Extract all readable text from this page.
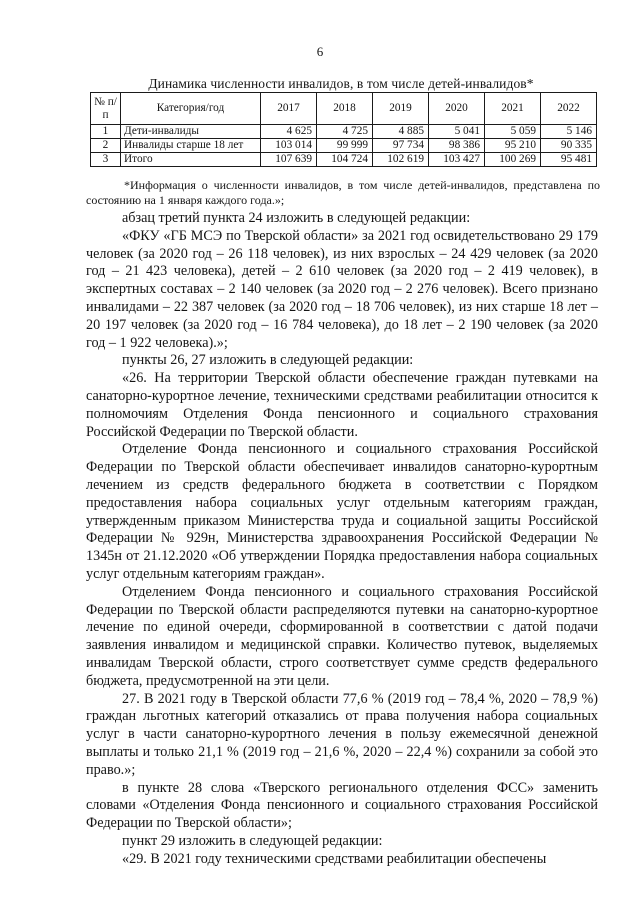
6
Динамика численности инвалидов, в том числе детей-инвалидов*
№ п/п	Категория/год	2017	2018	2019	2020	2021	2022
1	Дети-инвалиды	4 625	4 725	4 885	5 041	5 059	5 146
2	Инвалиды старше 18 лет	103 014	99 999	97 734	98 386	95 210	90 335
3	Итого	107 639	104 724	102 619	103 427	100 269	95 481
*Информация о численности инвалидов, в том числе детей-инвалидов, представлена по состоянию на 1 января каждого года.»;

абзац третий пункта 24 изложить в следующей редакции:

«ФКУ «ГБ МСЭ по Тверской области» за 2021 год освидетельствовано 29 179 человек (за 2020 год – 26 118 человек), из них взрослых – 24 429 человек (за 2020 год – 21 423 человека), детей – 2 610 человек (за 2020 год – 2 419 человек), в экспертных составах – 2 140 человек (за 2020 год – 2 276 человек). Всего признано инвалидами – 22 387 человек (за 2020 год – 18 706 человек), из них старше 18 лет – 20 197 человек (за 2020 год – 16 784 человека), до 18 лет – 2 190 человек (за 2020 год – 1 922 человека).»;

пункты 26, 27 изложить в следующей редакции:

«26. На территории Тверской области обеспечение граждан путевками на санаторно-курортное лечение, техническими средствами реабилитации относится к полномочиям Отделения Фонда пенсионного и социального страхования Российской Федерации по Тверской области.

Отделение Фонда пенсионного и социального страхования Российской Федерации по Тверской области обеспечивает инвалидов санаторно-курортным лечением из средств федерального бюджета в соответствии с Порядком предоставления набора социальных услуг отдельным категориям граждан, утвержденным приказом Министерства труда и социальной защиты Российской Федерации № 929н, Министерства здравоохранения Российской Федерации № 1345н от 21.12.2020 «Об утверждении Порядка предоставления набора социальных услуг отдельным категориям граждан».

Отделением Фонда пенсионного и социального страхования Российской Федерации по Тверской области распределяются путевки на санаторно-курортное лечение по единой очереди, сформированной в соответствии с датой подачи заявления инвалидом и медицинской справки. Количество путевок, выделяемых инвалидам Тверской области, строго соответствует сумме средств федерального бюджета, предусмотренной на эти цели.

27. В 2021 году в Тверской области 77,6 % (2019 год – 78,4 %, 2020 – 78,9 %) граждан льготных категорий отказались от права получения набора социальных услуг в части санаторно-курортного лечения в пользу ежемесячной денежной выплаты и только 21,1 % (2019 год – 21,6 %, 2020 – 22,4 %) сохранили за собой это право.»;

в пункте 28 слова «Тверского регионального отделения ФСС» заменить словами «Отделения Фонда пенсионного и социального страхования Российской Федерации по Тверской области»;

пункт 29 изложить в следующей редакции:

«29. В 2021 году техническими средствами реабилитации обеспечены
